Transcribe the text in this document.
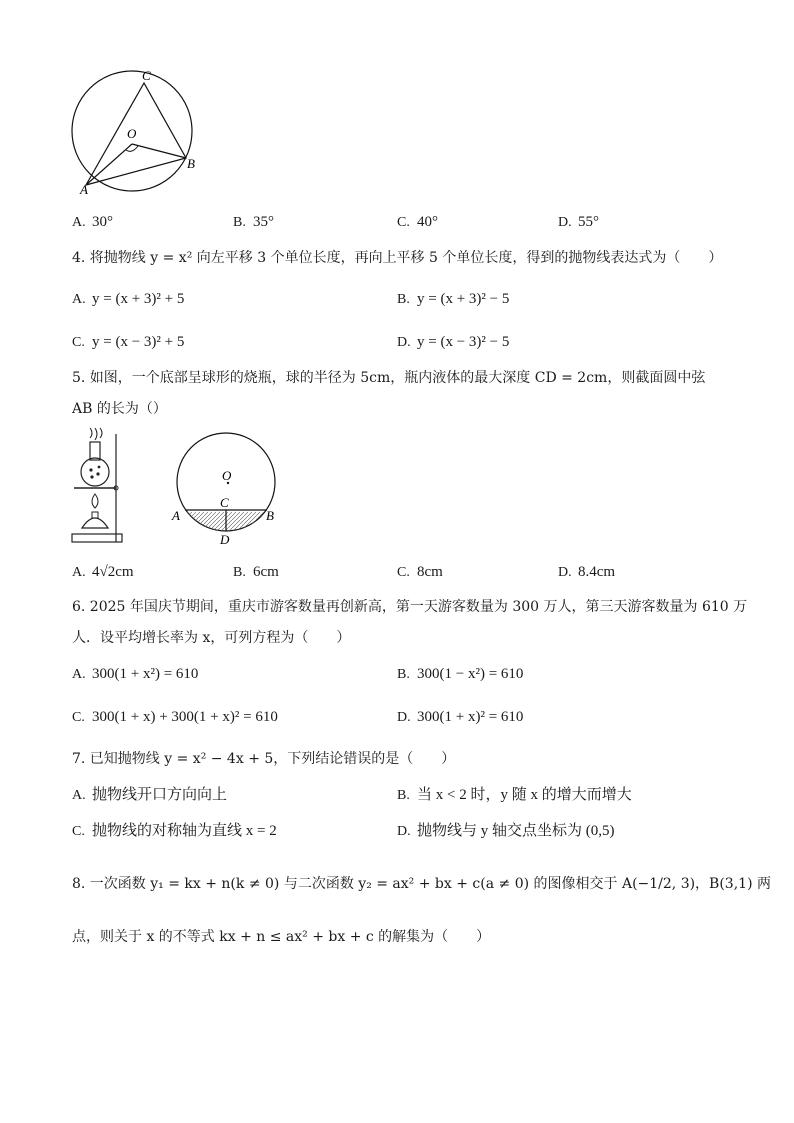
C
O
A
B
A. 30°	B. 35°	C. 40°	D. 55°
4. 将抛物线 y = x² 向左平移 3 个单位长度，再向上平移 5 个单位长度，得到的抛物线表达式为（　　）
A. y = (x + 3)² + 5	B. y = (x + 3)² − 5
C. y = (x − 3)² + 5	D. y = (x − 3)² − 5
5. 如图，一个底部呈球形的烧瓶，球的半径为 5cm，瓶内液体的最大深度 CD = 2cm，则截面圆中弦
AB 的长为（）
O
C
A	B
D
A. 4√2cm	B. 6cm	C. 8cm	D. 8.4cm
6. 2025 年国庆节期间，重庆市游客数量再创新高，第一天游客数量为 300 万人，第三天游客数量为 610 万
人．设平均增长率为 x，可列方程为（　　）
A. 300(1 + x²) = 610	B. 300(1 − x²) = 610
C. 300(1 + x) + 300(1 + x)² = 610	D. 300(1 + x)² = 610
7. 已知抛物线 y = x² − 4x + 5，下列结论错误的是（　　）
A. 抛物线开口方向向上	B. 当 x < 2 时，y 随 x 的增大而增大
C. 抛物线的对称轴为直线 x = 2	D. 抛物线与 y 轴交点坐标为 (0,5)
8. 一次函数 y₁ = kx + n(k ≠ 0) 与二次函数 y₂ = ax² + bx + c(a ≠ 0) 的图像相交于 A(−1/2, 3)，B(3,1) 两
点，则关于 x 的不等式 kx + n ≤ ax² + bx + c 的解集为（　　）
